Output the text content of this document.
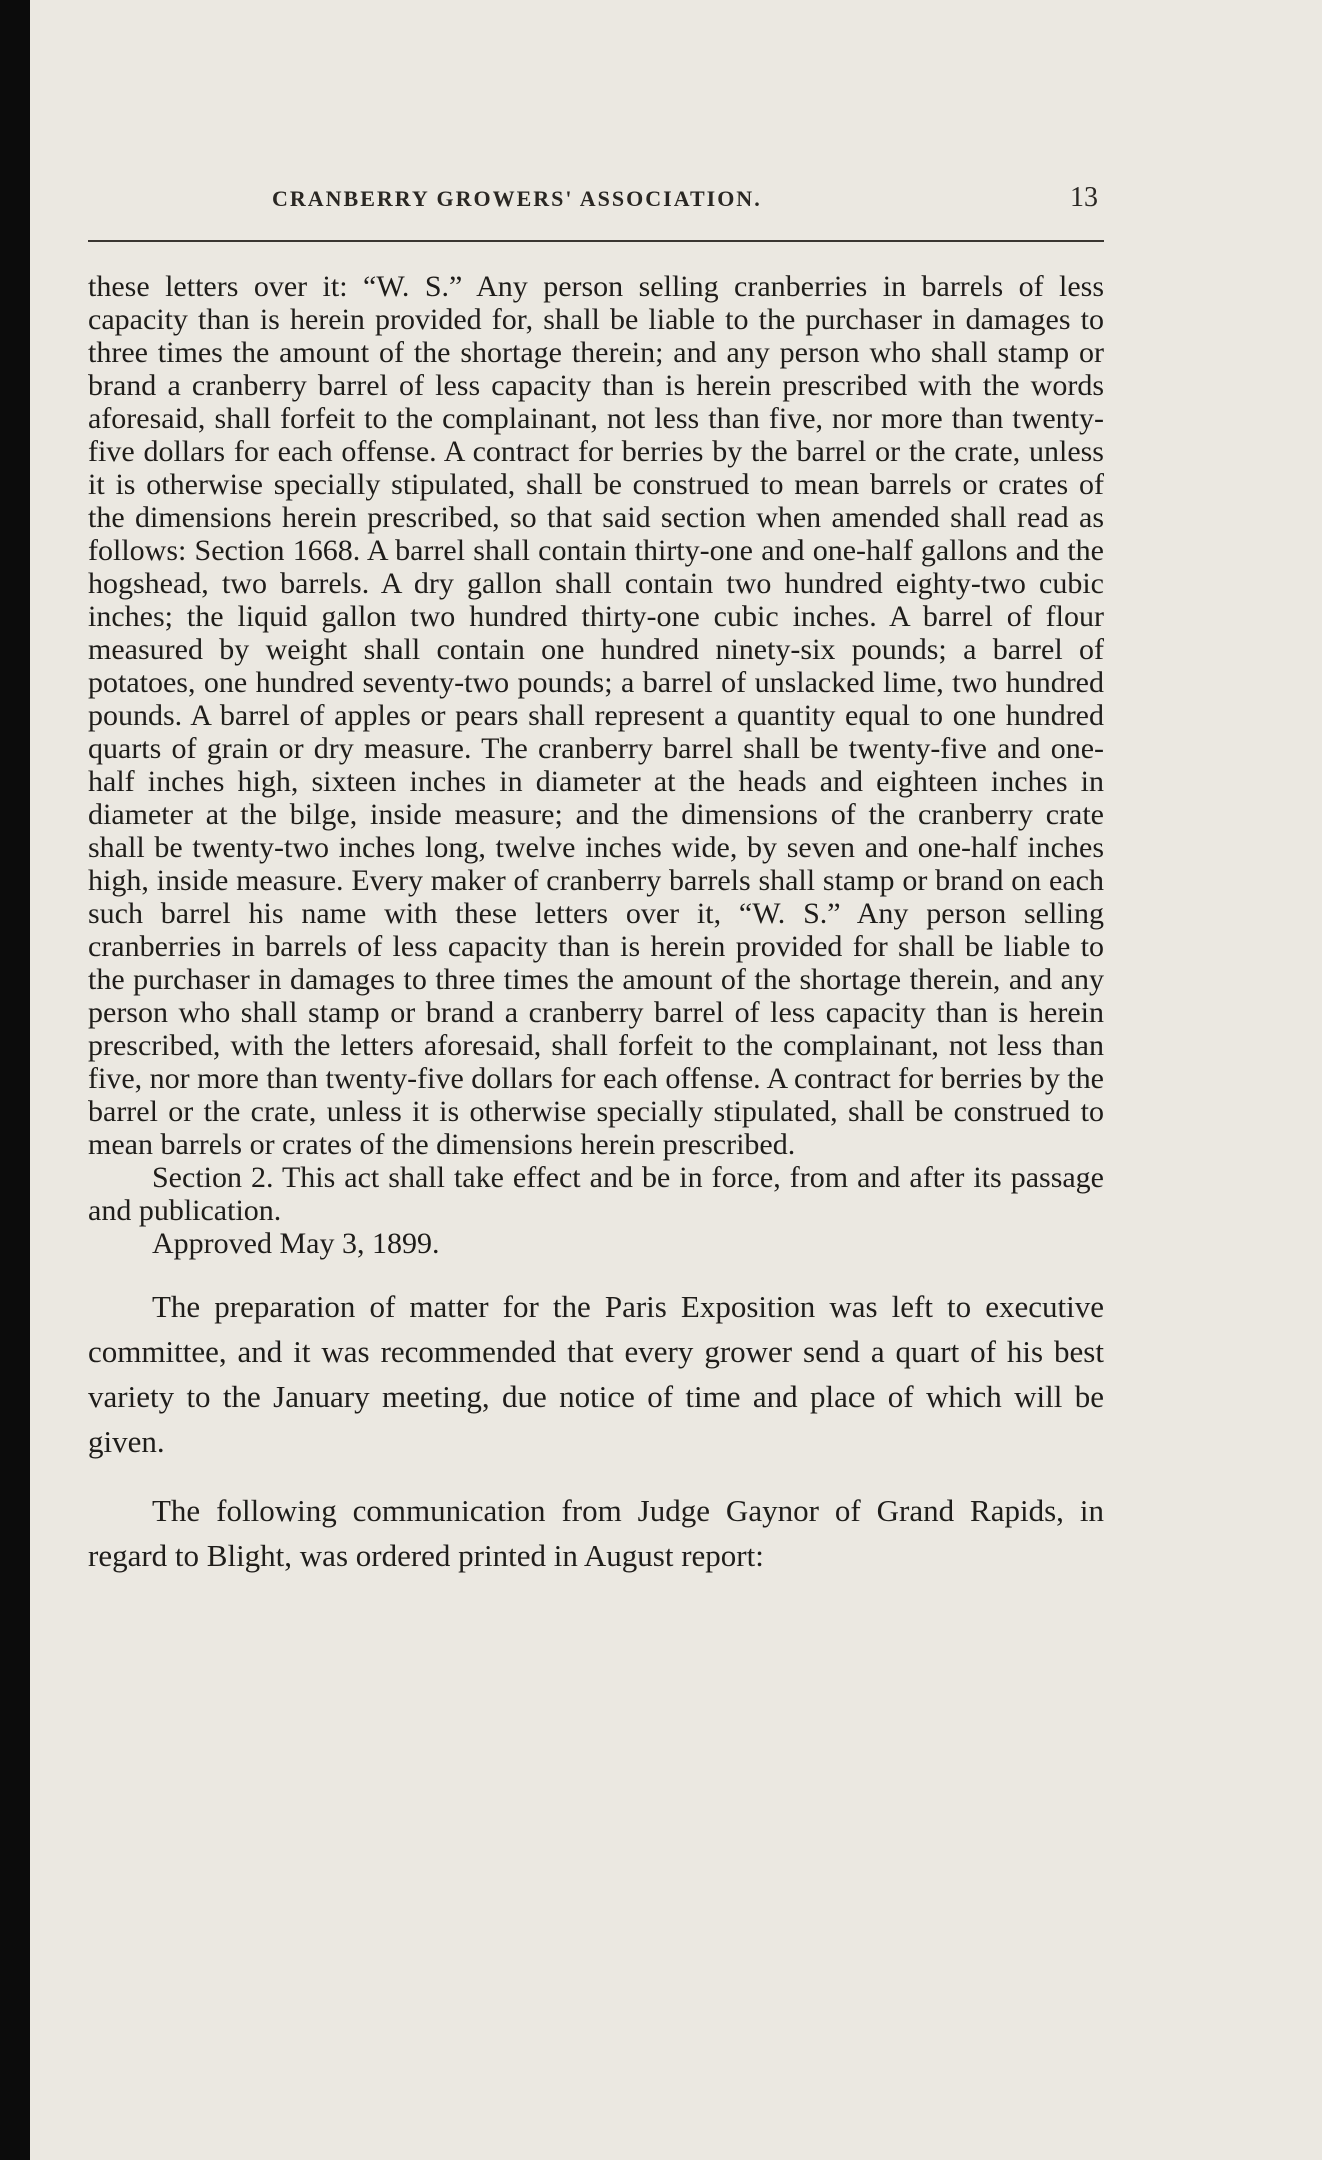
CRANBERRY GROWERS' ASSOCIATION.	13

these letters over it: “W. S.” Any person selling cranberries in barrels of less capacity than is herein provided for, shall be liable to the purchaser in damages to three times the amount of the shortage therein; and any person who shall stamp or brand a cranberry barrel of less capacity than is herein prescribed with the words aforesaid, shall forfeit to the complainant, not less than five, nor more than twenty-five dollars for each offense. A contract for berries by the barrel or the crate, unless it is otherwise specially stipulated, shall be construed to mean barrels or crates of the dimensions herein prescribed, so that said section when amended shall read as follows: Section 1668. A barrel shall contain thirty-one and one-half gallons and the hogshead, two barrels. A dry gallon shall contain two hundred eighty-two cubic inches; the liquid gallon two hundred thirty-one cubic inches. A barrel of flour measured by weight shall contain one hundred ninety-six pounds; a barrel of potatoes, one hundred seventy-two pounds; a barrel of unslacked lime, two hundred pounds. A barrel of apples or pears shall represent a quantity equal to one hundred quarts of grain or dry measure. The cranberry barrel shall be twenty-five and one-half inches high, sixteen inches in diameter at the heads and eighteen inches in diameter at the bilge, inside measure; and the dimensions of the cranberry crate shall be twenty-two inches long, twelve inches wide, by seven and one-half inches high, inside measure. Every maker of cranberry barrels shall stamp or brand on each such barrel his name with these letters over it, “W. S.” Any person selling cranberries in barrels of less capacity than is herein provided for shall be liable to the purchaser in damages to three times the amount of the shortage therein, and any person who shall stamp or brand a cranberry barrel of less capacity than is herein prescribed, with the letters aforesaid, shall forfeit to the complainant, not less than five, nor more than twenty-five dollars for each offense. A contract for berries by the barrel or the crate, unless it is otherwise specially stipulated, shall be construed to mean barrels or crates of the dimensions herein prescribed.

Section 2. This act shall take effect and be in force, from and after its passage and publication.

Approved May 3, 1899.

The preparation of matter for the Paris Exposition was left to executive committee, and it was recommended that every grower send a quart of his best variety to the January meeting, due notice of time and place of which will be given.

The following communication from Judge Gaynor of Grand Rapids, in regard to Blight, was ordered printed in August report:
